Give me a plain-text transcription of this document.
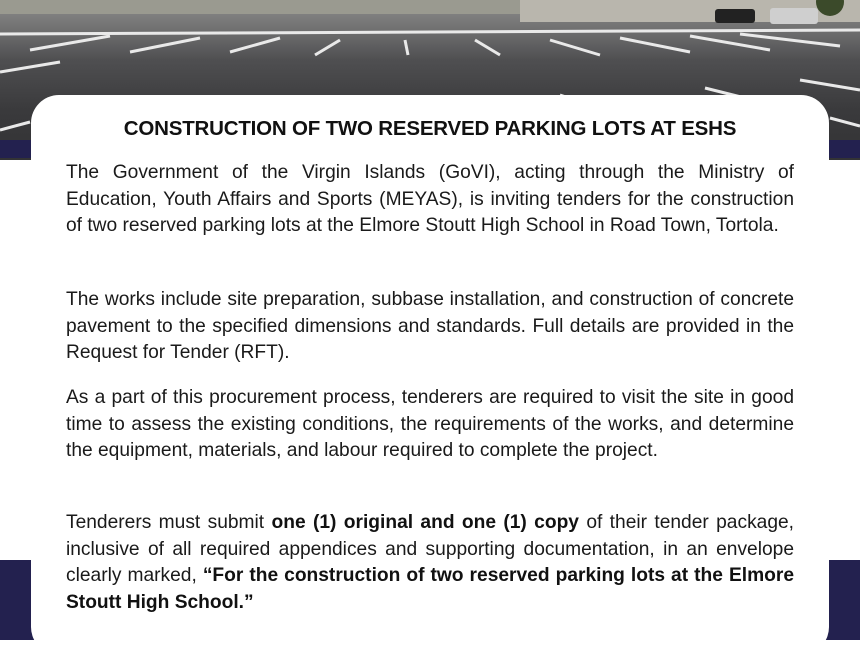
CONSTRUCTION OF TWO RESERVED PARKING LOTS AT ESHS

The Government of the Virgin Islands (GoVI), acting through the Ministry of Education, Youth Affairs and Sports (MEYAS), is inviting tenders for the construction of two reserved parking lots at the Elmore Stoutt High School in Road Town, Tortola.

The works include site preparation, subbase installation, and construction of concrete pavement to the specified dimensions and standards. Full details are provided in the Request for Tender (RFT).

As a part of this procurement process, tenderers are required to visit the site in good time to assess the existing conditions, the requirements of the works, and determine the equipment, materials, and labour required to complete the project.

Tenderers must submit one (1) original and one (1) copy of their tender package, inclusive of all required appendices and supporting documentation, in an envelope clearly marked, “For the construction of two reserved parking lots at the Elmore Stoutt High School.”
